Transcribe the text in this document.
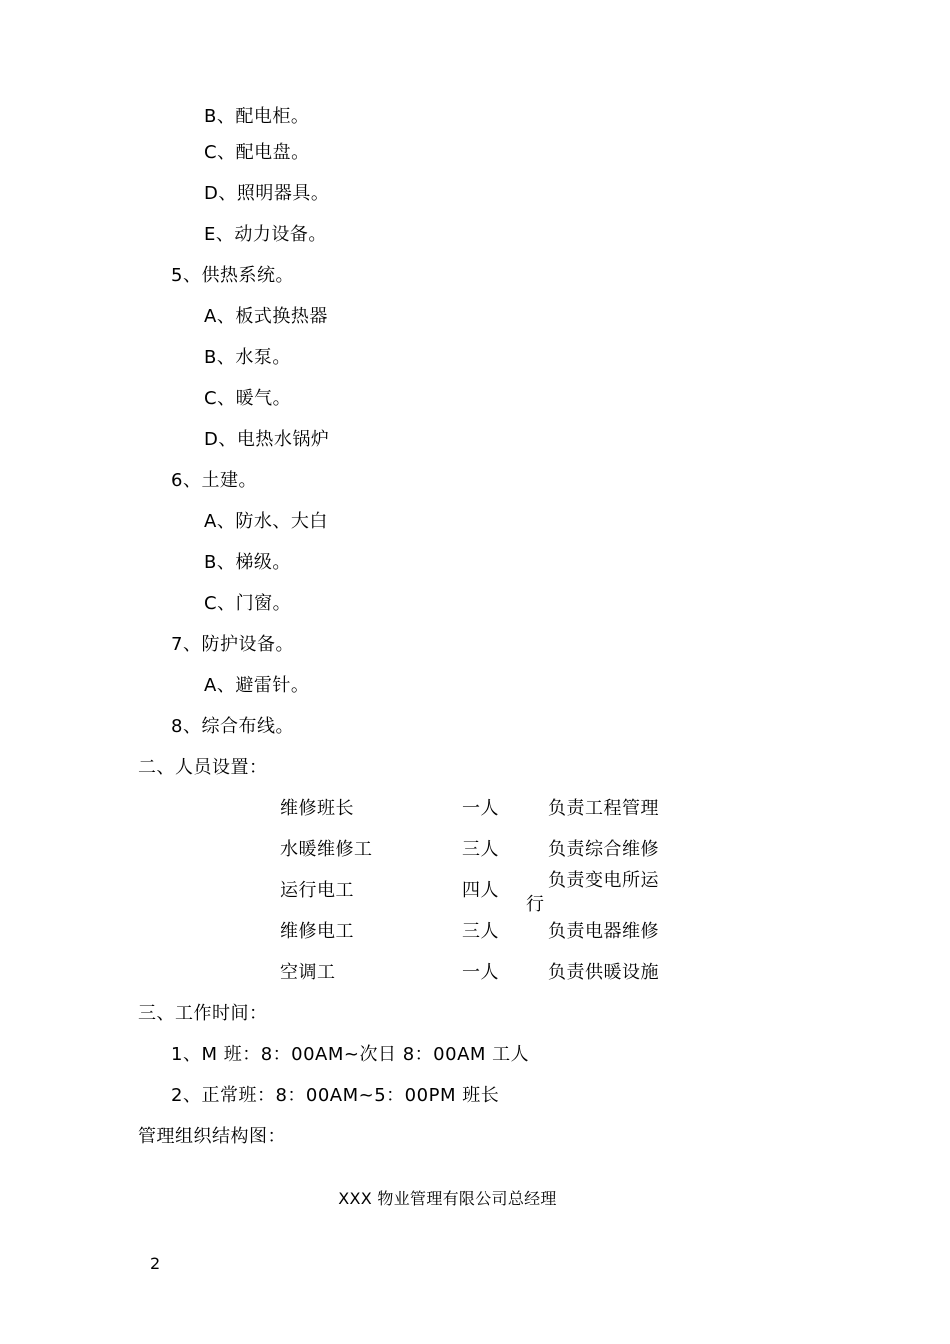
B、配电柜。
C、配电盘。
D、照明器具。
E、动力设备。
5、供热系统。
A、板式换热器
B、水泵。
C、暖气。
D、电热水锅炉
6、土建。
A、防水、大白
B、梯级。
C、门窗。
7、防护设备。
A、避雷针。
8、综合布线。
二、人员设置：
维修班长	一人	负责工程管理
水暖维修工	三人	负责综合维修
运行电工	四人	负责变电所运
行
维修电工	三人	负责电器维修
空调工	一人	负责供暖设施
三、工作时间：
1、M 班：8：00AM~次日 8：00AM 工人
2、正常班：8：00AM~5：00PM 班长
管理组织结构图：
XXX 物业管理有限公司总经理
2
